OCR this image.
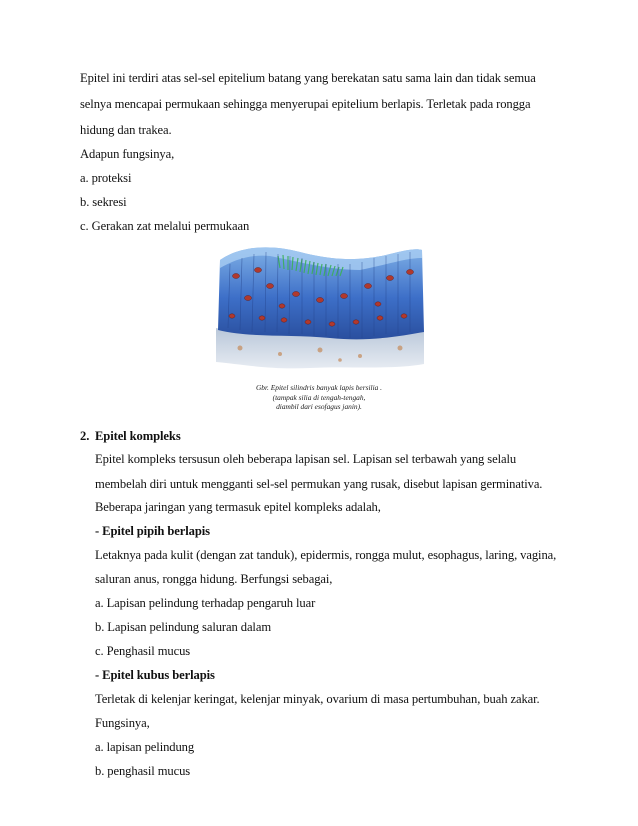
Epitel ini terdiri atas sel-sel epitelium batang yang berekatan satu sama lain dan tidak semua
selnya mencapai permukaan sehingga menyerupai epitelium berlapis. Terletak pada rongga
hidung dan trakea.
Adapun fungsinya,
a. proteksi
b. sekresi
c. Gerakan zat melalui permukaan
Gbr. Epitel silindris banyak lapis bersilia .
(tampak silia di tengah-tengah,
diambil dari esofagus janin).
2. Epitel kompleks
Epitel kompleks tersusun oleh beberapa lapisan sel. Lapisan sel terbawah yang selalu
membelah diri untuk mengganti sel-sel permukan yang rusak, disebut lapisan germinativa.
Beberapa jaringan yang termasuk epitel kompleks adalah,
- Epitel pipih berlapis
Letaknya pada kulit (dengan zat tanduk), epidermis, rongga mulut, esophagus, laring, vagina,
saluran anus, rongga hidung. Berfungsi sebagai,
a. Lapisan pelindung terhadap pengaruh luar
b. Lapisan pelindung saluran dalam
c. Penghasil mucus
- Epitel kubus berlapis
Terletak di kelenjar keringat, kelenjar minyak, ovarium di masa pertumbuhan, buah zakar.
Fungsinya,
a. lapisan pelindung
b. penghasil mucus
